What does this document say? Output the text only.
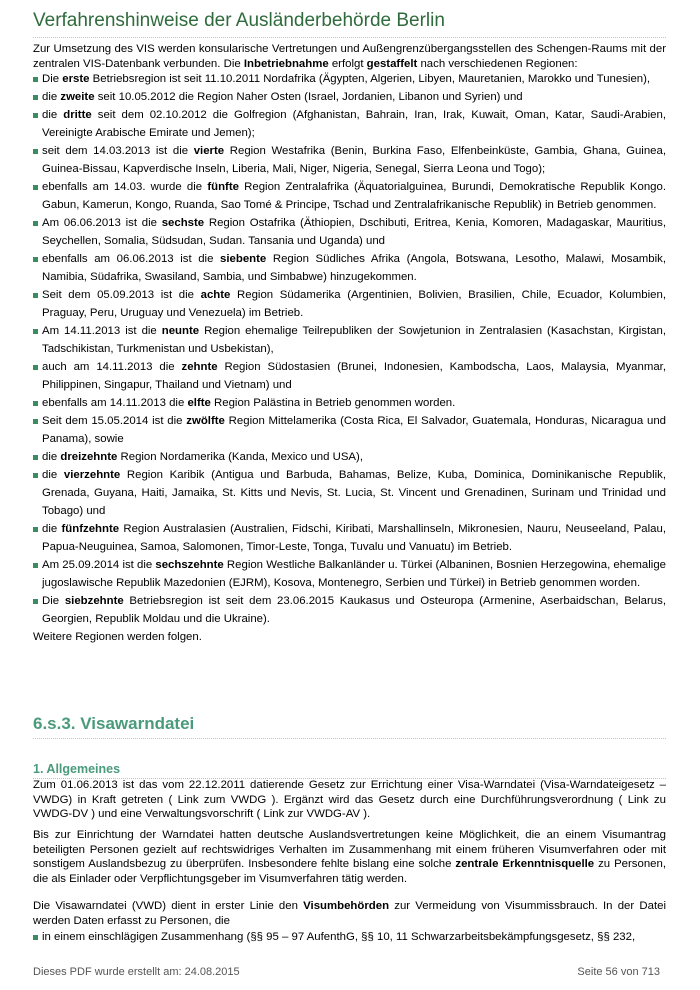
Verfahrenshinweise der Ausländerbehörde Berlin

Zur Umsetzung des VIS werden konsularische Vertretungen und Außengrenzübergangsstellen des Schengen-Raums mit der zentralen VIS-Datenbank verbunden. Die Inbetriebnahme erfolgt gestaffelt nach verschiedenen Regionen:

Die erste Betriebsregion ist seit 11.10.2011 Nordafrika (Ägypten, Algerien, Libyen, Mauretanien, Marokko und Tunesien),
die zweite seit 10.05.2012 die Region Naher Osten (Israel, Jordanien, Libanon und Syrien) und
die dritte seit dem 02.10.2012 die Golfregion (Afghanistan, Bahrain, Iran, Irak, Kuwait, Oman, Katar, Saudi-Arabien, Vereinigte Arabische Emirate und Jemen);
seit dem 14.03.2013 ist die vierte Region Westafrika (Benin, Burkina Faso, Elfenbeinküste, Gambia, Ghana, Guinea, Guinea-Bissau, Kapverdische Inseln, Liberia, Mali, Niger, Nigeria, Senegal, Sierra Leona und Togo);
ebenfalls am 14.03. wurde die fünfte Region Zentralafrika (Äquatorialguinea, Burundi, Demokratische Republik Kongo. Gabun, Kamerun, Kongo, Ruanda, Sao Tomé & Principe, Tschad und Zentralafrikanische Republik) in Betrieb genommen.
Am 06.06.2013 ist die sechste Region Ostafrika (Äthiopien, Dschibuti, Eritrea, Kenia, Komoren, Madagaskar, Mauritius, Seychellen, Somalia, Südsudan, Sudan. Tansania und Uganda) und
ebenfalls am 06.06.2013 ist die siebente Region Südliches Afrika (Angola, Botswana, Lesotho, Malawi, Mosambik, Namibia, Südafrika, Swasiland, Sambia, und Simbabwe) hinzugekommen.
Seit dem 05.09.2013 ist die achte Region Südamerika (Argentinien, Bolivien, Brasilien, Chile, Ecuador, Kolumbien, Praguay, Peru, Uruguay und Venezuela) im Betrieb.
Am 14.11.2013 ist die neunte Region ehemalige Teilrepubliken der Sowjetunion in Zentralasien (Kasachstan, Kirgistan, Tadschikistan, Turkmenistan und Usbekistan),
auch am 14.11.2013 die zehnte Region Südostasien (Brunei, Indonesien, Kambodscha, Laos, Malaysia, Myanmar, Philippinen, Singapur, Thailand und Vietnam) und
ebenfalls am 14.11.2013 die elfte Region Palästina in Betrieb genommen worden.
Seit dem 15.05.2014 ist die zwölfte Region Mittelamerika (Costa Rica, El Salvador, Guatemala, Honduras, Nicaragua und Panama), sowie
die dreizehnte Region Nordamerika (Kanda, Mexico und USA),
die vierzehnte Region Karibik (Antigua und Barbuda, Bahamas, Belize, Kuba, Dominica, Dominikanische Republik, Grenada, Guyana, Haiti, Jamaika, St. Kitts und Nevis, St. Lucia, St. Vincent und Grenadinen, Surinam und Trinidad und Tobago) und
die fünfzehnte Region Australasien (Australien, Fidschi, Kiribati, Marshallinseln, Mikronesien, Nauru, Neuseeland, Palau, Papua-Neuguinea, Samoa, Salomonen, Timor-Leste, Tonga, Tuvalu und Vanuatu) im Betrieb.
Am 25.09.2014 ist die sechszehnte Region Westliche Balkanländer u. Türkei (Albaninen, Bosnien Herzegowina, ehemalige jugoslawische Republik Mazedonien (EJRM), Kosova, Montenegro, Serbien und Türkei) in Betrieb genommen worden.
Die siebzehnte Betriebsregion ist seit dem 23.06.2015 Kaukasus und Osteuropa (Armenine, Aserbaidschan, Belarus, Georgien, Republik Moldau und die Ukraine).
Weitere Regionen werden folgen.
6.s.3. Visawarndatei
1. Allgemeines

Zum 01.06.2013 ist das vom 22.12.2011 datierende Gesetz zur Errichtung einer Visa-Warndatei (Visa-Warndateigesetz – VWDG) in Kraft getreten ( Link zum VWDG ). Ergänzt wird das Gesetz durch eine Durchführungsverordnung ( Link zu VWDG-DV ) und eine Verwaltungsvorschrift ( Link zur VWDG-AV ).

Bis zur Einrichtung der Warndatei hatten deutsche Auslandsvertretungen keine Möglichkeit, die an einem Visumantrag beteiligten Personen gezielt auf rechtswidriges Verhalten im Zusammenhang mit einem früheren Visumverfahren oder mit sonstigem Auslandsbezug zu überprüfen. Insbesondere fehlte bislang eine solche zentrale Erkenntnisquelle zu Personen, die als Einlader oder Verpflichtungsgeber im Visumverfahren tätig werden.

Die Visawarndatei (VWD) dient in erster Linie den Visumbehörden zur Vermeidung von Visummissbrauch. In der Datei werden Daten erfasst zu Personen, die

in einem einschlägigen Zusammenhang (§§ 95 – 97 AufenthG, §§ 10, 11 Schwarzarbeitsbekämpfungsgesetz, §§ 232,
Dieses PDF wurde erstellt am: 24.08.2015	Seite 56 von 713
